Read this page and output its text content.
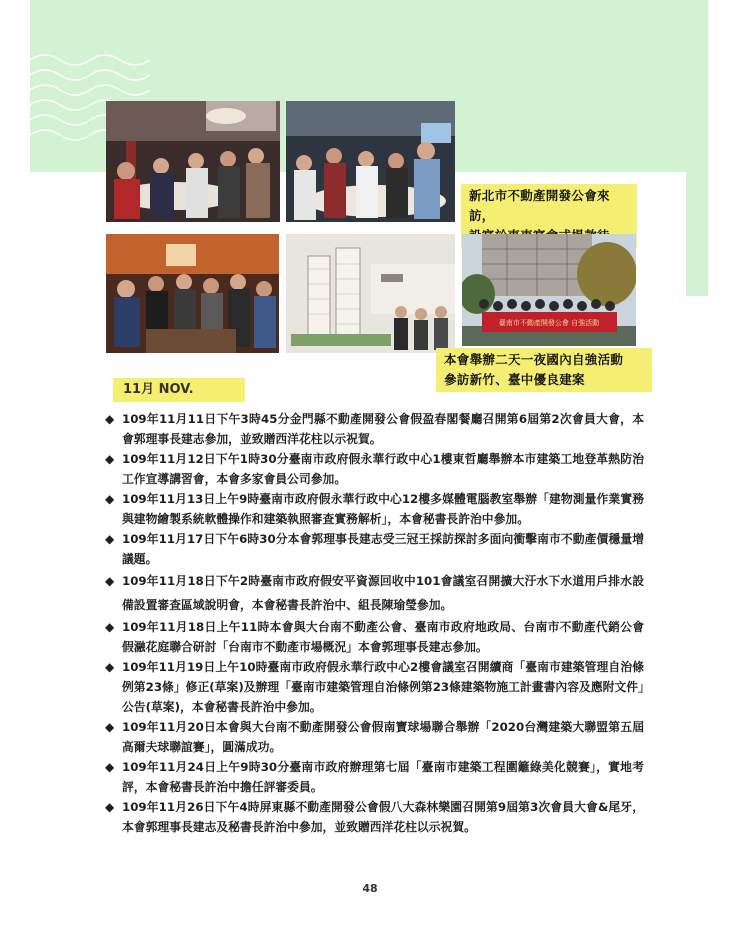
新北市不動產開發公會來訪，
臺南市不動產開發公會 自強活動
本會舉辦二天一夜國內自強活動
參訪新竹、臺中優良建案
11月 NOV.
◆ 109年11月11日下午3時45分金門縣不動產開發公會假盈春閣餐廳召開第6屆第2次會員大會，本會郭理事長建志參加，並致贈西洋花柱以示祝賀。
◆ 109年11月12日下午1時30分臺南市政府假永華行政中心1樓東哲廳舉辦本市建築工地登革熱防治工作宣導講習會，本會多家會員公司參加。
◆ 109年11月13日上午9時臺南市政府假永華行政中心12樓多媒體電腦教室舉辦「建物測量作業實務與建物繪製系統軟體操作和建築執照審查實務解析」，本會秘書長許治中參加。
◆ 109年11月17日下午6時30分本會郭理事長建志受三冠王採訪探討多面向衝擊南市不動產價穩量增議題。
◆ 109年11月18日下午2時臺南市政府假安平資源回收中101會議室召開擴大汙水下水道用戶排水設備設置審查區域說明會，本會秘書長許治中、組長陳瑜瑩參加。
◆ 109年11月18日上午11時本會與大台南不動產公會、臺南市政府地政局、台南市不動產代銷公會假瀜花庭聯合研討「台南市不動產市場概況」本會郭理事長建志參加。
◆ 109年11月19日上午10時臺南市政府假永華行政中心2樓會議室召開續商「臺南市建築管理自治條例第23條」修正(草案)及辦理「臺南市建築管理自治條例第23條建築物施工計畫書內容及應附文件」公告(草案)，本會秘書長許治中參加。
◆ 109年11月20日本會與大台南不動產開發公會假南寶球場聯合舉辦「2020台灣建築大聯盟第五屆高爾夫球聯誼賽」，圓滿成功。
◆ 109年11月24日上午9時30分臺南市政府辦理第七屆「臺南市建築工程圍籬綠美化競賽」，實地考評，本會秘書長許治中擔任評審委員。
◆ 109年11月26日下午4時屏東縣不動產開發公會假八大森林樂園召開第9屆第3次會員大會&尾牙，本會郭理事長建志及秘書長許治中參加，並致贈西洋花柱以示祝賀。
48
